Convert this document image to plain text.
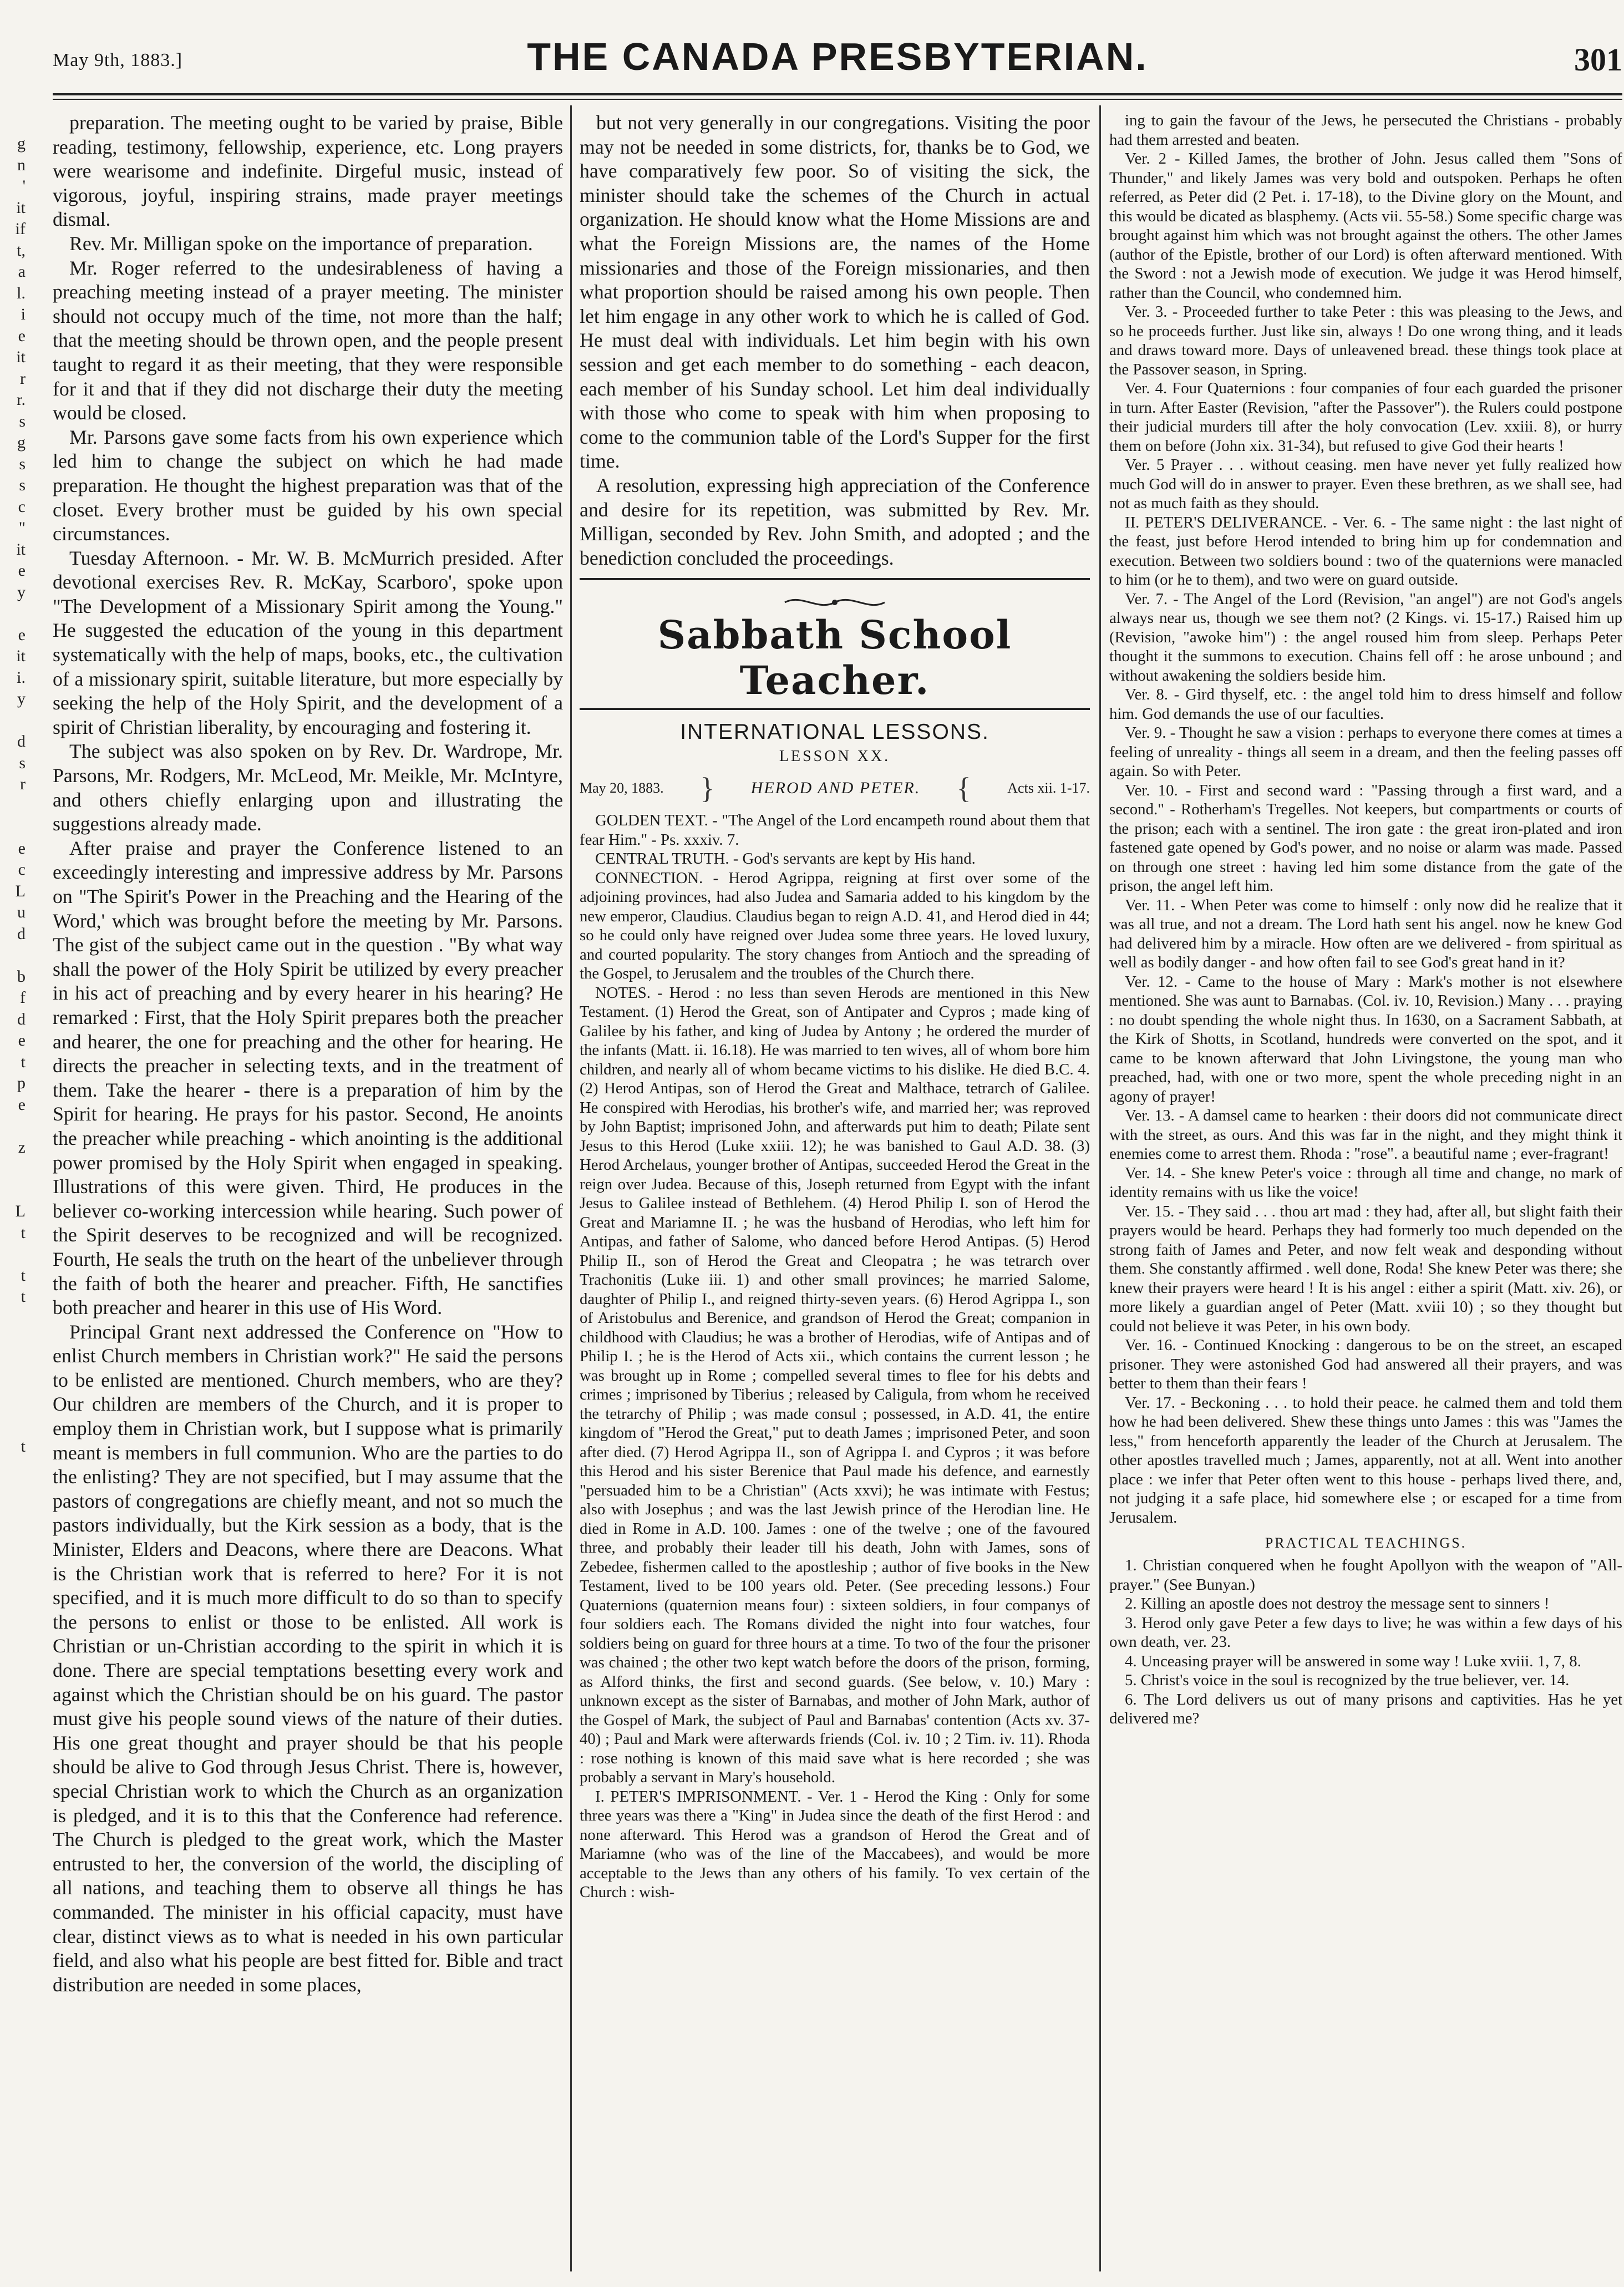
g
n
'
it
if
t,
a
l.
i
e
it
r
r.
s
g
s
s
c
"
it
e
y
e
it
i.
y
d
s
r
e
c
L
u
d
b
f
d
e
t
p
e
z
L
t
t
t
t
May 9th, 1883.]	THE CANADA PRESBYTERIAN.	301

preparation. The meeting ought to be varied by praise, Bible reading, testimony, fellowship, experience, etc. Long prayers were wearisome and indefinite. Dirgeful music, instead of vigorous, joyful, inspiring strains, made prayer meetings dismal.

Rev. Mr. Milligan spoke on the importance of preparation.

Mr. Roger referred to the undesirableness of having a preaching meeting instead of a prayer meeting. The minister should not occupy much of the time, not more than the half; that the meeting should be thrown open, and the people present taught to regard it as their meeting, that they were responsible for it and that if they did not discharge their duty the meeting would be closed.

Mr. Parsons gave some facts from his own experience which led him to change the subject on which he had made preparation. He thought the highest preparation was that of the closet. Every brother must be guided by his own special circumstances.

Tuesday Afternoon. - Mr. W. B. McMurrich presided. After devotional exercises Rev. R. McKay, Scarboro', spoke upon "The Development of a Missionary Spirit among the Young." He suggested the education of the young in this department systematically with the help of maps, books, etc., the cultivation of a missionary spirit, suitable literature, but more especially by seeking the help of the Holy Spirit, and the development of a spirit of Christian liberality, by encouraging and fostering it.

The subject was also spoken on by Rev. Dr. Wardrope, Mr. Parsons, Mr. Rodgers, Mr. McLeod, Mr. Meikle, Mr. McIntyre, and others chiefly enlarging upon and illustrating the suggestions already made.

After praise and prayer the Conference listened to an exceedingly interesting and impressive address by Mr. Parsons on "The Spirit's Power in the Preaching and the Hearing of the Word,' which was brought before the meeting by Mr. Parsons. The gist of the subject came out in the question . "By what way shall the power of the Holy Spirit be utilized by every preacher in his act of preaching and by every hearer in his hearing? He remarked : First, that the Holy Spirit prepares both the preacher and hearer, the one for preaching and the other for hearing. He directs the preacher in selecting texts, and in the treatment of them. Take the hearer - there is a preparation of him by the Spirit for hearing. He prays for his pastor. Second, He anoints the preacher while preaching - which anointing is the additional power promised by the Holy Spirit when engaged in speaking. Illustrations of this were given. Third, He produces in the believer co-working intercession while hearing. Such power of the Spirit deserves to be recognized and will be recognized. Fourth, He seals the truth on the heart of the unbeliever through the faith of both the hearer and preacher. Fifth, He sanctifies both preacher and hearer in this use of His Word.

Principal Grant next addressed the Conference on "How to enlist Church members in Christian work?" He said the persons to be enlisted are mentioned. Church members, who are they? Our children are members of the Church, and it is proper to employ them in Christian work, but I suppose what is primarily meant is members in full communion. Who are the parties to do the enlisting? They are not specified, but I may assume that the pastors of congregations are chiefly meant, and not so much the pastors individually, but the Kirk session as a body, that is the Minister, Elders and Deacons, where there are Deacons. What is the Christian work that is referred to here? For it is not specified, and it is much more difficult to do so than to specify the persons to enlist or those to be enlisted. All work is Christian or un-Christian according to the spirit in which it is done. There are special temptations besetting every work and against which the Christian should be on his guard. The pastor must give his people sound views of the nature of their duties. His one great thought and prayer should be that his people should be alive to God through Jesus Christ. There is, however, special Christian work to which the Church as an organization is pledged, and it is to this that the Conference had reference. The Church is pledged to the great work, which the Master entrusted to her, the conversion of the world, the discipling of all nations, and teaching them to observe all things he has commanded. The minister in his official capacity, must have clear, distinct views as to what is needed in his own particular field, and also what his people are best fitted for. Bible and tract distribution are needed in some places,

but not very generally in our congregations. Visiting the poor may not be needed in some districts, for, thanks be to God, we have comparatively few poor. So of visiting the sick, the minister should take the schemes of the Church in actual organization. He should know what the Home Missions are and what the Foreign Missions are, the names of the Home missionaries and those of the Foreign missionaries, and then what proportion should be raised among his own people. Then let him engage in any other work to which he is called of God. He must deal with individuals. Let him begin with his own session and get each member to do something - each deacon, each member of his Sunday school. Let him deal individually with those who come to speak with him when proposing to come to the communion table of the Lord's Supper for the first time.

A resolution, expressing high appreciation of the Conference and desire for its repetition, was submitted by Rev. Mr. Milligan, seconded by Rev. John Smith, and adopted ; and the benediction concluded the proceedings.

Sabbath School Teacher.
INTERNATIONAL LESSONS.
LESSON XX.
May 20, 1883. } HEROD AND PETER. {	Acts xii. 1-17.

GOLDEN TEXT. - "The Angel of the Lord encampeth round about them that fear Him." - Ps. xxxiv. 7.

CENTRAL TRUTH. - God's servants are kept by His hand.

CONNECTION. - Herod Agrippa, reigning at first over some of the adjoining provinces, had also Judea and Samaria added to his kingdom by the new emperor, Claudius. Claudius began to reign A.D. 41, and Herod died in 44; so he could only have reigned over Judea some three years. He loved luxury, and courted popularity. The story changes from Antioch and the spreading of the Gospel, to Jerusalem and the troubles of the Church there.

NOTES. - Herod : no less than seven Herods are mentioned in this New Testament. (1) Herod the Great, son of Antipater and Cypros ; made king of Galilee by his father, and king of Judea by Antony ; he ordered the murder of the infants (Matt. ii. 16.18). He was married to ten wives, all of whom bore him children, and nearly all of whom became victims to his dislike. He died B.C. 4. (2) Herod Antipas, son of Herod the Great and Malthace, tetrarch of Galilee. He conspired with Herodias, his brother's wife, and married her; was reproved by John Baptist; imprisoned John, and afterwards put him to death; Pilate sent Jesus to this Herod (Luke xxiii. 12); he was banished to Gaul A.D. 38. (3) Herod Archelaus, younger brother of Antipas, succeeded Herod the Great in the reign over Judea. Because of this, Joseph returned from Egypt with the infant Jesus to Galilee instead of Bethlehem. (4) Herod Philip I. son of Herod the Great and Mariamne II. ; he was the husband of Herodias, who left him for Antipas, and father of Salome, who danced before Herod Antipas. (5) Herod Philip II., son of Herod the Great and Cleopatra ; he was tetrarch over Trachonitis (Luke iii. 1) and other small provinces; he married Salome, daughter of Philip I., and reigned thirty-seven years. (6) Herod Agrippa I., son of Aristobulus and Berenice, and grandson of Herod the Great; companion in childhood with Claudius; he was a brother of Herodias, wife of Antipas and of Philip I. ; he is the Herod of Acts xii., which contains the current lesson ; he was brought up in Rome ; compelled several times to flee for his debts and crimes ; imprisoned by Tiberius ; released by Caligula, from whom he received the tetrarchy of Philip ; was made consul ; possessed, in A.D. 41, the entire kingdom of "Herod the Great," put to death James ; imprisoned Peter, and soon after died. (7) Herod Agrippa II., son of Agrippa I. and Cypros ; it was before this Herod and his sister Berenice that Paul made his defence, and earnestly "persuaded him to be a Christian" (Acts xxvi); he was intimate with Festus; also with Josephus ; and was the last Jewish prince of the Herodian line. He died in Rome in A.D. 100. James : one of the twelve ; one of the favoured three, and probably their leader till his death, John with James, sons of Zebedee, fishermen called to the apostleship ; author of five books in the New Testament, lived to be 100 years old. Peter. (See preceding lessons.) Four Quaternions (quaternion means four) : sixteen soldiers, in four companys of four soldiers each. The Romans divided the night into four watches, four soldiers being on guard for three hours at a time. To two of the four the prisoner was chained ; the other two kept watch before the doors of the prison, forming, as Alford thinks, the first and second guards. (See below, v. 10.) Mary : unknown except as the sister of Barnabas, and mother of John Mark, author of the Gospel of Mark, the subject of Paul and Barnabas' contention (Acts xv. 37-40) ; Paul and Mark were afterwards friends (Col. iv. 10 ; 2 Tim. iv. 11). Rhoda : rose nothing is known of this maid save what is here recorded ; she was probably a servant in Mary's household.

I. PETER'S IMPRISONMENT. - Ver. 1 - Herod the King : Only for some three years was there a "King" in Judea since the death of the first Herod : and none afterward. This Herod was a grandson of Herod the Great and of Mariamne (who was of the line of the Maccabees), and would be more acceptable to the Jews than any others of his family. To vex certain of the Church : wish-

ing to gain the favour of the Jews, he persecuted the Christians - probably had them arrested and beaten.

Ver. 2 - Killed James, the brother of John. Jesus called them "Sons of Thunder," and likely James was very bold and outspoken. Perhaps he often referred, as Peter did (2 Pet. i. 17-18), to the Divine glory on the Mount, and this would be dicated as blasphemy. (Acts vii. 55-58.) Some specific charge was brought against him which was not brought against the others. The other James (author of the Epistle, brother of our Lord) is often afterward mentioned. With the Sword : not a Jewish mode of execution. We judge it was Herod himself, rather than the Council, who condemned him.

Ver. 3. - Proceeded further to take Peter : this was pleasing to the Jews, and so he proceeds further. Just like sin, always ! Do one wrong thing, and it leads and draws toward more. Days of unleavened bread. these things took place at the Passover season, in Spring.

Ver. 4. Four Quaternions : four companies of four each guarded the prisoner in turn. After Easter (Revision, "after the Passover"). the Rulers could postpone their judicial murders till after the holy convocation (Lev. xxiii. 8), or hurry them on before (John xix. 31-34), but refused to give God their hearts !

Ver. 5 Prayer . . . without ceasing. men have never yet fully realized how much God will do in answer to prayer. Even these brethren, as we shall see, had not as much faith as they should.

II. PETER'S DELIVERANCE. - Ver. 6. - The same night : the last night of the feast, just before Herod intended to bring him up for condemnation and execution. Between two soldiers bound : two of the quaternions were manacled to him (or he to them), and two were on guard outside.

Ver. 7. - The Angel of the Lord (Revision, "an angel") are not God's angels always near us, though we see them not? (2 Kings. vi. 15-17.) Raised him up (Revision, "awoke him") : the angel roused him from sleep. Perhaps Peter thought it the summons to execution. Chains fell off : he arose unbound ; and without awakening the soldiers beside him.

Ver. 8. - Gird thyself, etc. : the angel told him to dress himself and follow him. God demands the use of our faculties.

Ver. 9. - Thought he saw a vision : perhaps to everyone there comes at times a feeling of unreality - things all seem in a dream, and then the feeling passes off again. So with Peter.

Ver. 10. - First and second ward : "Passing through a first ward, and a second." - Rotherham's Tregelles. Not keepers, but compartments or courts of the prison; each with a sentinel. The iron gate : the great iron-plated and iron fastened gate opened by God's power, and no noise or alarm was made. Passed on through one street : having led him some distance from the gate of the prison, the angel left him.

Ver. 11. - When Peter was come to himself : only now did he realize that it was all true, and not a dream. The Lord hath sent his angel. now he knew God had delivered him by a miracle. How often are we delivered - from spiritual as well as bodily danger - and how often fail to see God's great hand in it?

Ver. 12. - Came to the house of Mary : Mark's mother is not elsewhere mentioned. She was aunt to Barnabas. (Col. iv. 10, Revision.) Many . . . praying : no doubt spending the whole night thus. In 1630, on a Sacrament Sabbath, at the Kirk of Shotts, in Scotland, hundreds were converted on the spot, and it came to be known afterward that John Livingstone, the young man who preached, had, with one or two more, spent the whole preceding night in an agony of prayer!

Ver. 13. - A damsel came to hearken : their doors did not communicate direct with the street, as ours. And this was far in the night, and they might think it enemies come to arrest them. Rhoda : "rose". a beautiful name ; ever-fragrant!

Ver. 14. - She knew Peter's voice : through all time and change, no mark of identity remains with us like the voice!

Ver. 15. - They said . . . thou art mad : they had, after all, but slight faith their prayers would be heard. Perhaps they had formerly too much depended on the strong faith of James and Peter, and now felt weak and desponding without them. She constantly affirmed . well done, Roda! She knew Peter was there; she knew their prayers were heard ! It is his angel : either a spirit (Matt. xiv. 26), or more likely a guardian angel of Peter (Matt. xviii 10) ; so they thought but could not believe it was Peter, in his own body.

Ver. 16. - Continued Knocking : dangerous to be on the street, an escaped prisoner. They were astonished God had answered all their prayers, and was better to them than their fears !

Ver. 17. - Beckoning . . . to hold their peace. he calmed them and told them how he had been delivered. Shew these things unto James : this was "James the less," from henceforth apparently the leader of the Church at Jerusalem. The other apostles travelled much ; James, apparently, not at all. Went into another place : we infer that Peter often went to this house - perhaps lived there, and, not judging it a safe place, hid somewhere else ; or escaped for a time from Jerusalem.

PRACTICAL TEACHINGS.

1. Christian conquered when he fought Apollyon with the weapon of "All-prayer." (See Bunyan.)

2. Killing an apostle does not destroy the message sent to sinners !

3. Herod only gave Peter a few days to live; he was within a few days of his own death, ver. 23.

4. Unceasing prayer will be answered in some way ! Luke xviii. 1, 7, 8.

5. Christ's voice in the soul is recognized by the true believer, ver. 14.

6. The Lord delivers us out of many prisons and captivities. Has he yet delivered me?
